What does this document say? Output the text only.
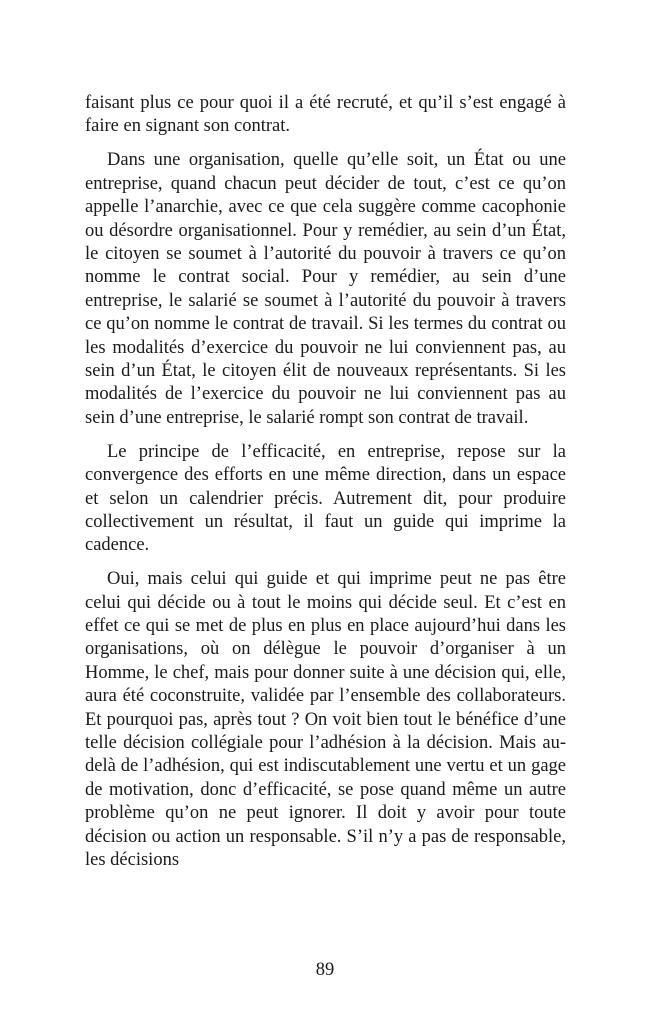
faisant plus ce pour quoi il a été recruté, et qu’il s’est engagé à faire en signant son contrat.

Dans une organisation, quelle qu’elle soit, un État ou une entreprise, quand chacun peut décider de tout, c’est ce qu’on appelle l’anarchie, avec ce que cela suggère comme cacophonie ou désordre organisationnel. Pour y remédier, au sein d’un État, le citoyen se soumet à l’autorité du pouvoir à travers ce qu’on nomme le contrat social. Pour y remédier, au sein d’une entreprise, le salarié se soumet à l’autorité du pouvoir à travers ce qu’on nomme le contrat de travail. Si les termes du contrat ou les modalités d’exercice du pouvoir ne lui conviennent pas, au sein d’un État, le citoyen élit de nouveaux représentants. Si les modalités de l’exercice du pouvoir ne lui conviennent pas au sein d’une entreprise, le salarié rompt son contrat de travail.

Le principe de l’efficacité, en entreprise, repose sur la convergence des efforts en une même direction, dans un espace et selon un calendrier précis. Autrement dit, pour produire collectivement un résultat, il faut un guide qui imprime la cadence.

Oui, mais celui qui guide et qui imprime peut ne pas être celui qui décide ou à tout le moins qui décide seul. Et c’est en effet ce qui se met de plus en plus en place aujourd’hui dans les organisations, où on délègue le pouvoir d’organiser à un Homme, le chef, mais pour donner suite à une décision qui, elle, aura été coconstruite, validée par l’ensemble des collaborateurs. Et pourquoi pas, après tout ? On voit bien tout le bénéfice d’une telle décision collégiale pour l’adhésion à la décision. Mais au-delà de l’adhésion, qui est indiscutablement une vertu et un gage de motivation, donc d’efficacité, se pose quand même un autre problème qu’on ne peut ignorer. Il doit y avoir pour toute décision ou action un responsable. S’il n’y a pas de responsable, les décisions

89
